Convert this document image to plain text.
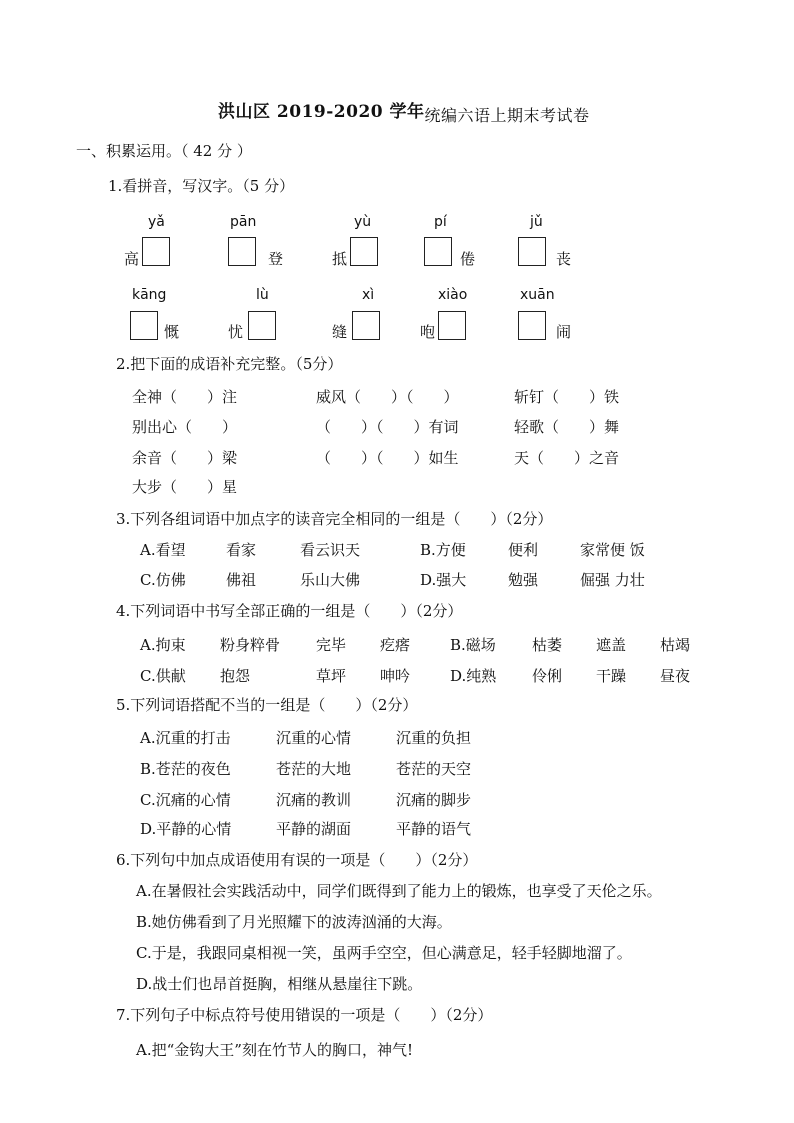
洪山区 2019-2020 学年统编六语上期末考试卷
一、积累运用。（ 42 分 ）
1.看拼音，写汉字。（5 分）
yǎ
高
pān
登
yù
抵
pí
倦
jǔ
丧
kāng
慨
lù
忧
xì
缝
xiào
咆
xuān
闹
2.把下面的成语补充完整。（5分）
全神（　　）注	威风（　　）（　　）	斩钉（　　）铁
别出心（　　）	（　　）（　　）有词	轻歌（　　）舞
余音（　　）梁	（　　）（　　）如生	天（　　）之音
大步（　　）星
3.下列各组词语中加点字的读音完全相同的一组是（　　）（2分）
A.看望	看家	看云识天	B.方便	便利	家常便 饭
C.仿佛	佛祖	乐山大佛	D.强大	勉强	倔强 力壮
4.下列词语中书写全部正确的一组是（　　）（2分）
A.拘束 粉身粹骨 完毕 疙瘩	B.磁场 枯萎 遮盖 枯竭
C.供献 抱怨	草坪 呻吟	D.纯熟 伶俐 干躁 昼夜
5.下列词语搭配不当的一组是（　　）（2分）
A.沉重的打击	沉重的心情	沉重的负担
B.苍茫的夜色	苍茫的大地	苍茫的天空
C.沉痛的心情	沉痛的教训	沉痛的脚步
D.平静的心情	平静的湖面	平静的语气
6.下列句中加点成语使用有误的一项是（　　）（2分）
A.在暑假社会实践活动中，同学们既得到了能力上的锻炼，也享受了天伦之乐。
B.她仿佛看到了月光照耀下的波涛汹涌的大海。
C.于是，我跟同桌相视一笑，虽两手空空，但心满意足，轻手轻脚地溜了。
D.战士们也昂首挺胸，相继从悬崖往下跳。
7.下列句子中标点符号使用错误的一项是（　　）（2分）
A.把“金钩大王”刻在竹节人的胸口，神气!
